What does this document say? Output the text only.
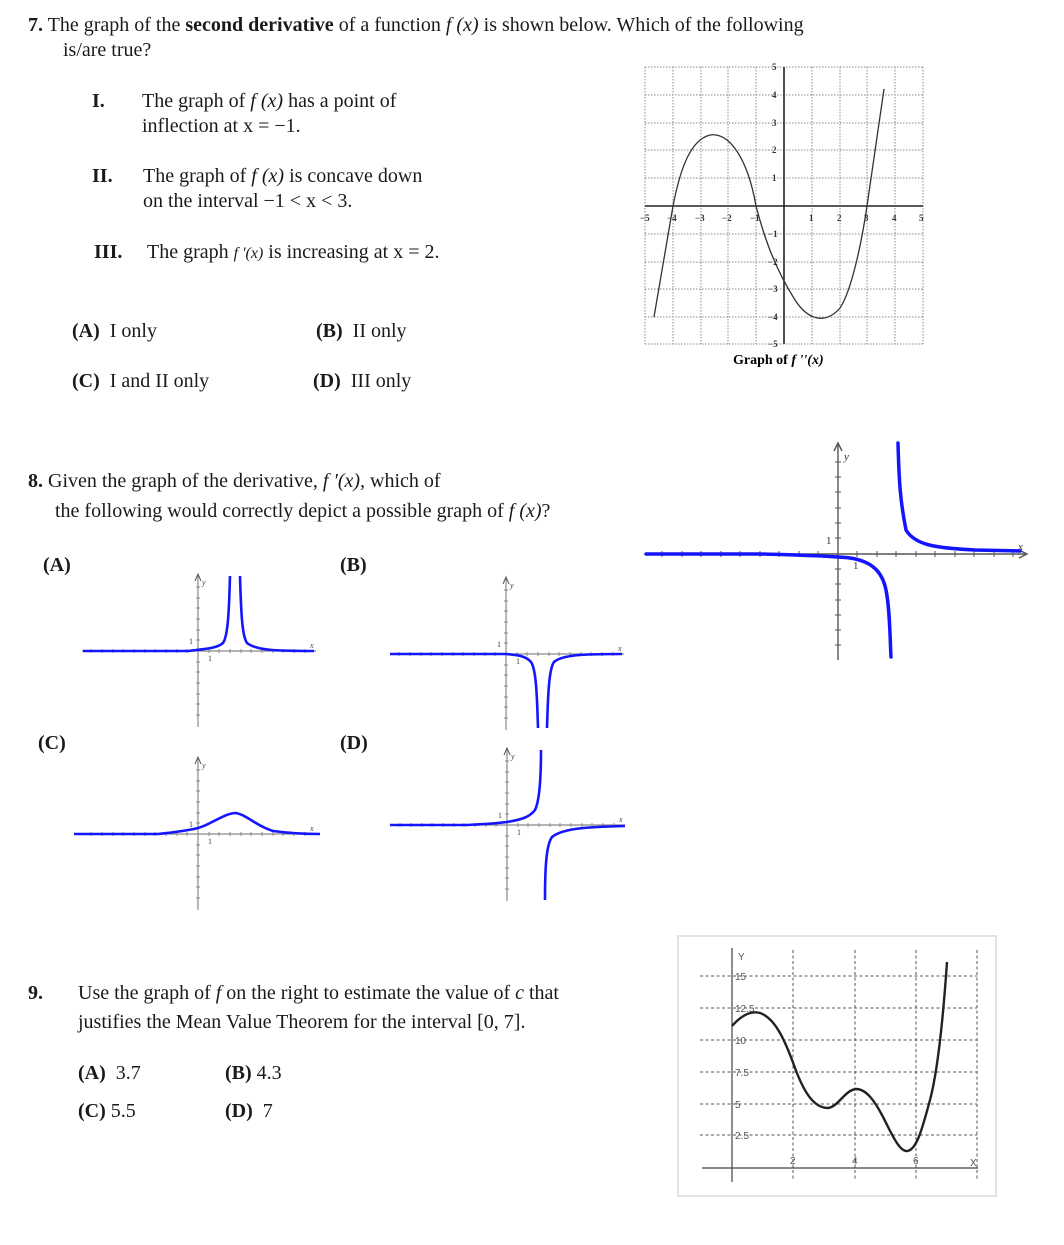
7. The graph of the second derivative of a function f (x) is shown below. Which of the following
is/are true?
I. The graph of f (x) has a point of
inflection at x = −1.
II. The graph of f (x) is concave down
on the interval −1 < x < 3.
III. The graph f '(x) is increasing at x = 2.
(A) I only	(B) II only
(C) I and II only	(D) III only
−5 −4 −3 −2 −1	1	2	3	4	5
5
4
3
2
1
−1
−2
−3
−4
−5
Graph of f ''(x)
8. Given the graph of the derivative, f ′(x), which of
the following would correctly depict a possible graph of f (x)?
(A)	(B)
(C)	(D)
y
x
1
1
y
x
1
1
y
x
1
1
y
x
1
1
y
x
1
1
9. Use the graph of f on the right to estimate the value of c that
justifies the Mean Value Theorem for the interval [0, 7].
(A) 3.7	(B) 4.3
(C) 5.5	(D) 7
Y
X
2	4	6
15
12.5
10
7.5
5
2.5
